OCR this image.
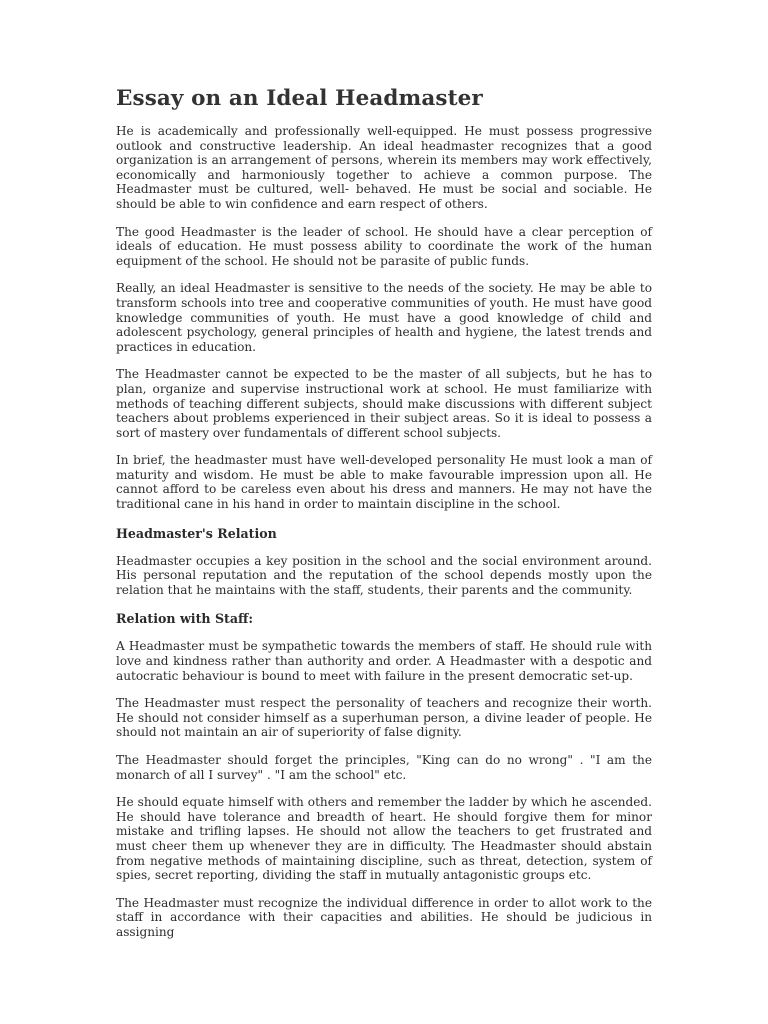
Essay on an Ideal Headmaster

He is academically and professionally well-equipped. He must possess progressive outlook and constructive leadership. An ideal headmaster recognizes that a good organization is an arrangement of persons, wherein its members may work effectively, economically and harmoniously together to achieve a common purpose. The Headmaster must be cultured, well- behaved. He must be social and sociable. He should be able to win confidence and earn respect of others.

The good Headmaster is the leader of school. He should have a clear perception of ideals of education. He must possess ability to coordinate the work of the human equipment of the school. He should not be parasite of public funds.

Really, an ideal Headmaster is sensitive to the needs of the society. He may be able to transform schools into tree and cooperative communities of youth. He must have good knowledge communities of youth. He must have a good knowledge of child and adolescent psychology, general principles of health and hygiene, the latest trends and practices in education.

The Headmaster cannot be expected to be the master of all subjects, but he has to plan, organize and supervise instructional work at school. He must familiarize with methods of teaching different subjects, should make discussions with different subject teachers about problems experienced in their subject areas. So it is ideal to possess a sort of mastery over fundamentals of different school subjects.

In brief, the headmaster must have well-developed personality He must look a man of maturity and wisdom. He must be able to make favourable impression upon all. He cannot afford to be careless even about his dress and manners. He may not have the traditional cane in his hand in order to maintain discipline in the school.

Headmaster's Relation

Headmaster occupies a key position in the school and the social environment around. His personal reputation and the reputation of the school depends mostly upon the relation that he maintains with the staff, students, their parents and the community.

Relation with Staff:

A Headmaster must be sympathetic towards the members of staff. He should rule with love and kindness rather than authority and order. A Headmaster with a despotic and autocratic behaviour is bound to meet with failure in the present democratic set-up.

The Headmaster must respect the personality of teachers and recognize their worth. He should not consider himself as a superhuman person, a divine leader of people. He should not maintain an air of superiority of false dignity.

The Headmaster should forget the principles, "King can do no wrong" . "I am the monarch of all I survey" . "I am the school" etc.

He should equate himself with others and remember the ladder by which he ascended. He should have tolerance and breadth of heart. He should forgive them for minor mistake and trifling lapses. He should not allow the teachers to get frustrated and must cheer them up whenever they are in difficulty. The Headmaster should abstain from negative methods of maintaining discipline, such as threat, detection, system of spies, secret reporting, dividing the staff in mutually antagonistic groups etc.

The Headmaster must recognize the individual difference in order to allot work to the staff in accordance with their capacities and abilities. He should be judicious in assigning
